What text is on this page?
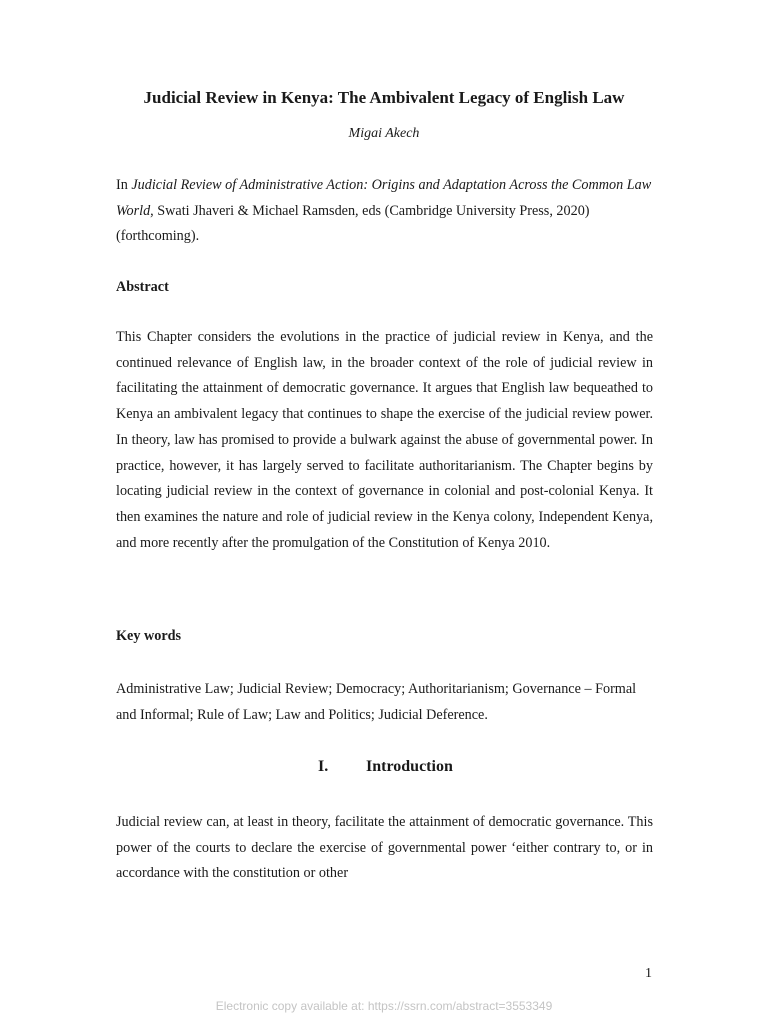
Judicial Review in Kenya: The Ambivalent Legacy of English Law
Migai Akech
In Judicial Review of Administrative Action: Origins and Adaptation Across the Common Law World, Swati Jhaveri & Michael Ramsden, eds (Cambridge University Press, 2020) (forthcoming).
Abstract
This Chapter considers the evolutions in the practice of judicial review in Kenya, and the continued relevance of English law, in the broader context of the role of judicial review in facilitating the attainment of democratic governance. It argues that English law bequeathed to Kenya an ambivalent legacy that continues to shape the exercise of the judicial review power. In theory, law has promised to provide a bulwark against the abuse of governmental power. In practice, however, it has largely served to facilitate authoritarianism. The Chapter begins by locating judicial review in the context of governance in colonial and post-colonial Kenya. It then examines the nature and role of judicial review in the Kenya colony, Independent Kenya, and more recently after the promulgation of the Constitution of Kenya 2010.
Key words
Administrative Law; Judicial Review; Democracy; Authoritarianism; Governance – Formal and Informal; Rule of Law; Law and Politics; Judicial Deference.
I. Introduction
Judicial review can, at least in theory, facilitate the attainment of democratic governance. This power of the courts to declare the exercise of governmental power ‘either contrary to, or in accordance with the constitution or other
1
Electronic copy available at: https://ssrn.com/abstract=3553349
